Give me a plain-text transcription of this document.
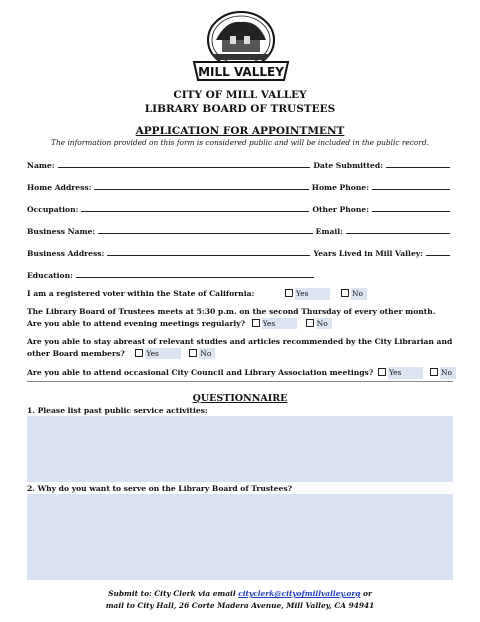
MILL VALLEY
CITY OF MILL VALLEY
LIBRARY BOARD OF TRUSTEES
APPLICATION FOR APPOINTMENT
The information provided on this form is considered public and will be included in the public record.
Name:	Date Submitted:
Home Address:	Home Phone:
Occupation:	Other Phone:
Business Name:	Email:
Business Address:	Years Lived in Mill Valley:
Education:
I am a registered voter within the State of California:	Yes	No
The Library Board of Trustees meets at 5:30 p.m. on the second Thursday of every other month.
Are you able to attend evening meetings regularly? Yes	No
Are you able to stay abreast of relevant studies and articles recommended by the City Librarian and
other Board members?	Yes	No
Are you able to attend occasional City Council and Library Association meetings? Yes	No
QUESTIONNAIRE
1. Please list past public service activities:
2. Why do you want to serve on the Library Board of Trustees?
Submit to: City Clerk via email cityclerk@cityofmillvalley.org or
mail to City Hall, 26 Corte Madera Avenue, Mill Valley, CA 94941
